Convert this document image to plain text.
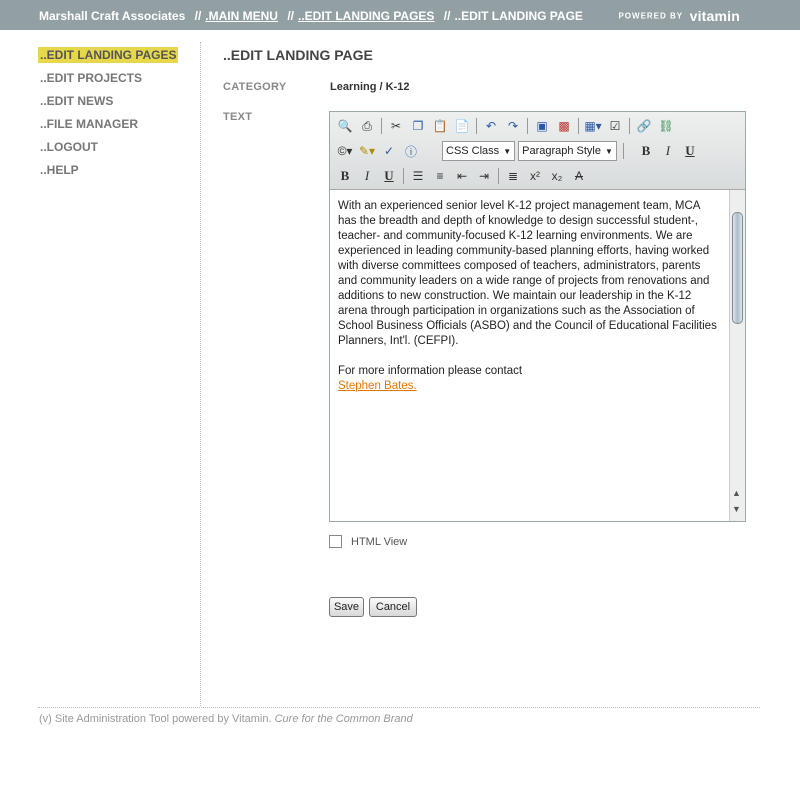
Marshall Craft Associates // .MAIN MENU // ..EDIT LANDING PAGES // ..EDIT LANDING PAGE	POWERED BY vitamin
..EDIT LANDING PAGES
..EDIT PROJECTS
..EDIT NEWS
..FILE MANAGER
..LOGOUT
..HELP
..EDIT LANDING PAGE
CATEGORY	Learning / K-12
TEXT
🔍 ⎙	✂ ❐ 📋 📄	↶ ↷	▣ ▩	▦▾ ☑	🔗 ⛓
©▾ ✎▾ ✓ ⓘ	CSS Class ▼ Paragraph Style ▼	B	I	U
B	I	U	☰	≡	⇤ ⇥	≣ x² x₂	A

With an experienced senior level K-12 project management team, MCA has the breadth and depth of knowledge to design successful student-, teacher- and community-focused K-12 learning environments. We are experienced in leading community-based planning efforts, having worked with diverse committees composed of teachers, administrators, parents and community leaders on a wide range of projects from renovations and additions to new construction. We maintain our leadership in the K-12 arena through participation in organizations such as the Association of School Business Officials (ASBO) and the Council of Educational Facilities Planners, Int'l. (CEFPI).

For more information please contact

Stephen Bates.
▲
▼
HTML View
Save	Cancel
(v) Site Administration Tool powered by Vitamin. Cure for the Common Brand
